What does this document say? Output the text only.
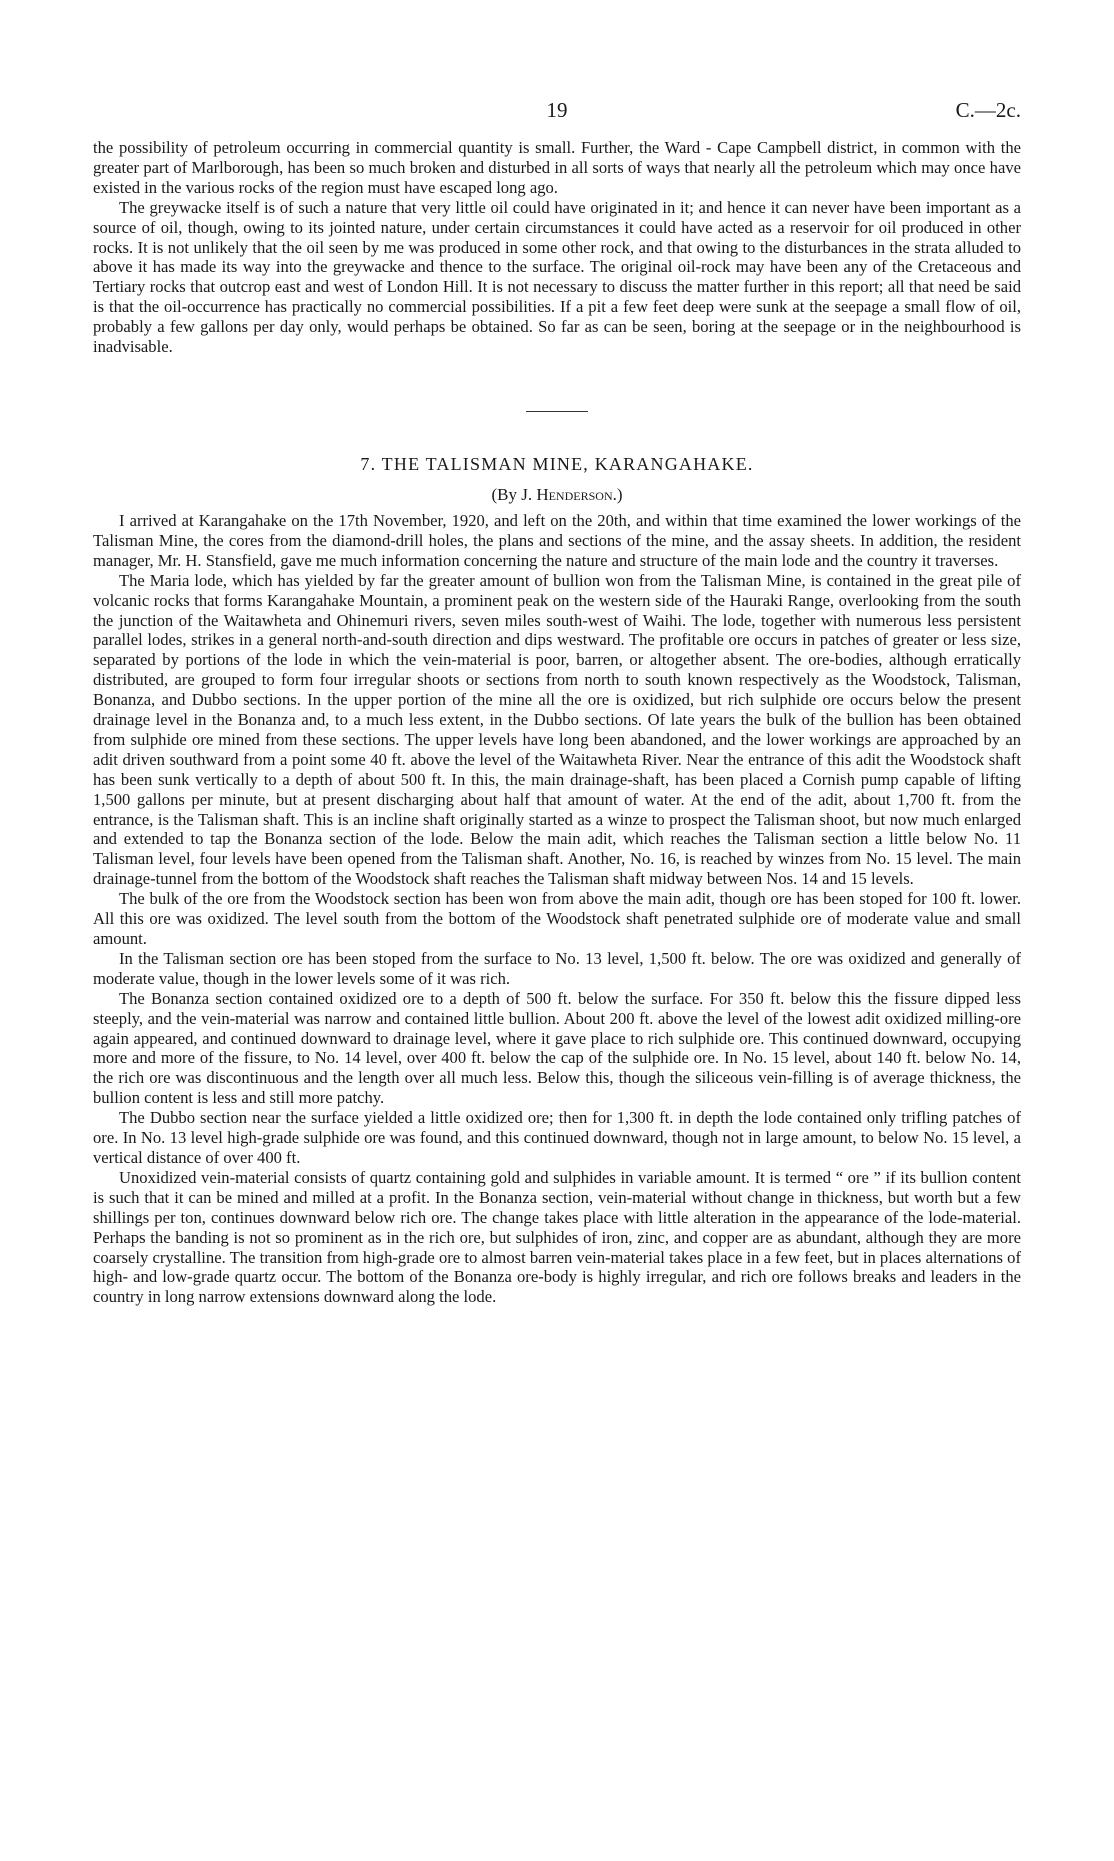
19	C.—2c.

the possibility of petroleum occurring in commercial quantity is small. Further, the Ward - Cape Campbell district, in common with the greater part of Marlborough, has been so much broken and disturbed in all sorts of ways that nearly all the petroleum which may once have existed in the various rocks of the region must have escaped long ago.

The greywacke itself is of such a nature that very little oil could have originated in it; and hence it can never have been important as a source of oil, though, owing to its jointed nature, under certain circumstances it could have acted as a reservoir for oil produced in other rocks. It is not unlikely that the oil seen by me was produced in some other rock, and that owing to the disturbances in the strata alluded to above it has made its way into the greywacke and thence to the surface. The original oil-rock may have been any of the Cretaceous and Tertiary rocks that outcrop east and west of London Hill. It is not necessary to discuss the matter further in this report; all that need be said is that the oil-occurrence has practically no commercial possibilities. If a pit a few feet deep were sunk at the seepage a small flow of oil, probably a few gallons per day only, would perhaps be obtained. So far as can be seen, boring at the seepage or in the neighbourhood is inadvisable.

7. THE TALISMAN MINE, KARANGAHAKE.
(By J. Henderson.)

I arrived at Karangahake on the 17th November, 1920, and left on the 20th, and within that time examined the lower workings of the Talisman Mine, the cores from the diamond-drill holes, the plans and sections of the mine, and the assay sheets. In addition, the resident manager, Mr. H. Stansfield, gave me much information concerning the nature and structure of the main lode and the country it traverses.

The Maria lode, which has yielded by far the greater amount of bullion won from the Talisman Mine, is contained in the great pile of volcanic rocks that forms Karangahake Mountain, a prominent peak on the western side of the Hauraki Range, overlooking from the south the junction of the Waitawheta and Ohinemuri rivers, seven miles south-west of Waihi. The lode, together with numerous less persistent parallel lodes, strikes in a general north-and-south direction and dips westward. The profitable ore occurs in patches of greater or less size, separated by portions of the lode in which the vein-material is poor, barren, or altogether absent. The ore-bodies, although erratically distributed, are grouped to form four irregular shoots or sections from north to south known respectively as the Woodstock, Talisman, Bonanza, and Dubbo sections. In the upper portion of the mine all the ore is oxidized, but rich sulphide ore occurs below the present drainage level in the Bonanza and, to a much less extent, in the Dubbo sections. Of late years the bulk of the bullion has been obtained from sulphide ore mined from these sections. The upper levels have long been abandoned, and the lower workings are approached by an adit driven southward from a point some 40 ft. above the level of the Waitawheta River. Near the entrance of this adit the Woodstock shaft has been sunk vertically to a depth of about 500 ft. In this, the main drainage-shaft, has been placed a Cornish pump capable of lifting 1,500 gallons per minute, but at present discharging about half that amount of water. At the end of the adit, about 1,700 ft. from the entrance, is the Talisman shaft. This is an incline shaft originally started as a winze to prospect the Talisman shoot, but now much enlarged and extended to tap the Bonanza section of the lode. Below the main adit, which reaches the Talisman section a little below No. 11 Talisman level, four levels have been opened from the Talisman shaft. Another, No. 16, is reached by winzes from No. 15 level. The main drainage-tunnel from the bottom of the Woodstock shaft reaches the Talisman shaft midway between Nos. 14 and 15 levels.

The bulk of the ore from the Woodstock section has been won from above the main adit, though ore has been stoped for 100 ft. lower. All this ore was oxidized. The level south from the bottom of the Woodstock shaft penetrated sulphide ore of moderate value and small amount.

In the Talisman section ore has been stoped from the surface to No. 13 level, 1,500 ft. below. The ore was oxidized and generally of moderate value, though in the lower levels some of it was rich.

The Bonanza section contained oxidized ore to a depth of 500 ft. below the surface. For 350 ft. below this the fissure dipped less steeply, and the vein-material was narrow and contained little bullion. About 200 ft. above the level of the lowest adit oxidized milling-ore again appeared, and continued downward to drainage level, where it gave place to rich sulphide ore. This continued downward, occupying more and more of the fissure, to No. 14 level, over 400 ft. below the cap of the sulphide ore. In No. 15 level, about 140 ft. below No. 14, the rich ore was discontinuous and the length over all much less. Below this, though the siliceous vein-filling is of average thickness, the bullion content is less and still more patchy.

The Dubbo section near the surface yielded a little oxidized ore; then for 1,300 ft. in depth the lode contained only trifling patches of ore. In No. 13 level high-grade sulphide ore was found, and this continued downward, though not in large amount, to below No. 15 level, a vertical distance of over 400 ft.

Unoxidized vein-material consists of quartz containing gold and sulphides in variable amount. It is termed “ ore ” if its bullion content is such that it can be mined and milled at a profit. In the Bonanza section, vein-material without change in thickness, but worth but a few shillings per ton, continues downward below rich ore. The change takes place with little alteration in the appearance of the lode-material. Perhaps the banding is not so prominent as in the rich ore, but sulphides of iron, zinc, and copper are as abundant, although they are more coarsely crystalline. The transition from high-grade ore to almost barren vein-material takes place in a few feet, but in places alternations of high- and low-grade quartz occur. The bottom of the Bonanza ore-body is highly irregular, and rich ore follows breaks and leaders in the country in long narrow extensions downward along the lode.
